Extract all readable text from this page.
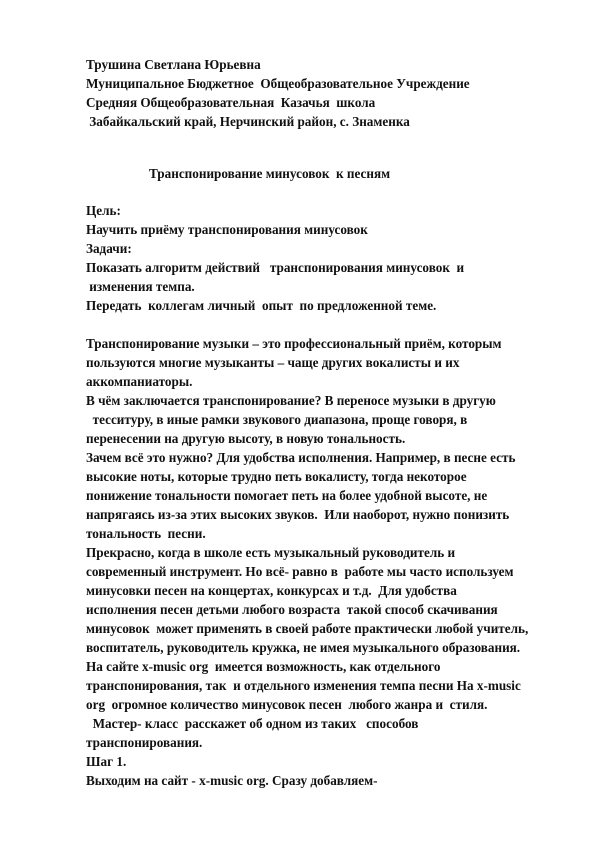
Трушина Светлана Юрьевна
Муниципальное Бюджетное  Общеобразовательное Учреждение
Средняя Общеобразовательная  Казачья  школа
Забайкальский край, Нерчинский район, с. Знаменка
Транспонирование минусовок  к песням
Цель:
Научить приёму транспонирования минусовок
Задачи:
Показать алгоритм действий   транспонирования минусовок  и
изменения темпа.
Передать  коллегам личный  опыт  по предложенной теме.
Транспонирование музыки – это профессиональный приём, которым
пользуются многие музыканты – чаще других вокалисты и их
аккомпаниаторы.
В чём заключается транспонирование? В переносе музыки в другую
тесситуру, в иные рамки звукового диапазона, проще говоря, в
перенесении на другую высоту, в новую тональность.
Зачем всё это нужно? Для удобства исполнения. Например, в песне есть
высокие ноты, которые трудно петь вокалисту, тогда некоторое
понижение тональности помогает петь на более удобной высоте, не
напрягаясь из-за этих высоких звуков.  Или наоборот, нужно понизить
тональность  песни.
Прекрасно, когда в школе есть музыкальный руководитель и
современный инструмент. Но всё- равно в  работе мы часто используем
минусовки песен на концертах, конкурсах и т.д.  Для удобства
исполнения песен детьми любого возраста  такой способ скачивания
минусовок  может применять в своей работе практически любой учитель,
воспитатель, руководитель кружка, не имея музыкального образования.
На сайте x-music org  имеется возможность, как отдельного
транспонирования, так  и отдельного изменения темпа песни На x-music
org  огромное количество минусовок песен  любого жанра и  стиля.
Мастер- класс  расскажет об одном из таких   способов
транспонирования.
Шаг 1.
Выходим на сайт - x-music org. Сразу добавляем-
